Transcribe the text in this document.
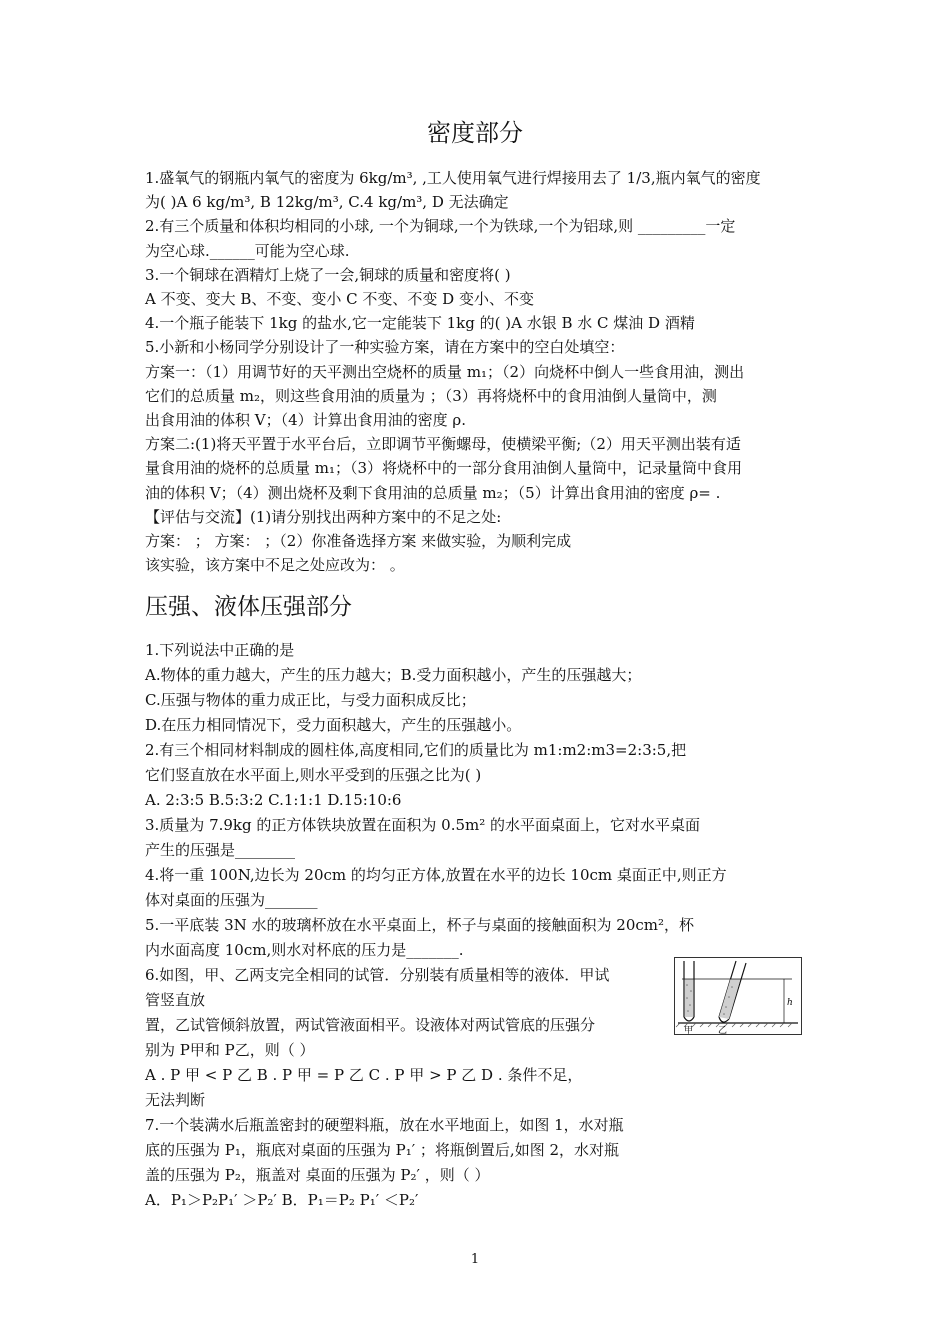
密度部分
1.盛氧气的钢瓶内氧气的密度为 6kg/m³, ,工人使用氧气进行焊接用去了 1/3,瓶内氧气的密度
为( )A 6 kg/m³, B 12kg/m³, C.4 kg/m³, D 无法确定
2.有三个质量和体积均相同的小球, 一个为铜球,一个为铁球,一个为铝球,则 _________一定
为空心球.______可能为空心球.
3.一个铜球在酒精灯上烧了一会,铜球的质量和密度将( )
A 不变、变大 B、不变、变小 C 不变、不变 D 变小、不变
4.一个瓶子能装下 1kg 的盐水,它一定能装下 1kg 的( )A 水银 B 水 C 煤油 D 酒精
5.小新和小杨同学分别设计了一种实验方案，请在方案中的空白处填空：
方案一：（1）用调节好的天平测出空烧杯的质量 m₁；（2）向烧杯中倒人一些食用油，测出
它们的总质量 m₂，则这些食用油的质量为 ；（3）再将烧杯中的食用油倒人量筒中，测
出食用油的体积 V；（4）计算出食用油的密度 ρ.
方案二:(1)将天平置于水平台后，立即调节平衡螺母，使横梁平衡;（2）用天平测出装有适
量食用油的烧杯的总质量 m₁；（3）将烧杯中的一部分食用油倒人量筒中，记录量筒中食用
油的体积 V；（4）测出烧杯及剩下食用油的总质量 m₂；（5）计算出食用油的密度 ρ= .
【评估与交流】(1)请分别找出两种方案中的不足之处:
方案： ； 方案： ；（2）你准备选择方案 来做实验，为顺利完成
该实验，该方案中不足之处应改为： 。
压强、液体压强部分
1.下列说法中正确的是
A.物体的重力越大，产生的压力越大；B.受力面积越小，产生的压强越大；
C.压强与物体的重力成正比，与受力面积成反比；
D.在压力相同情况下，受力面积越大，产生的压强越小。
2.有三个相同材料制成的圆柱体,高度相同,它们的质量比为 m1:m2:m3=2:3:5,把
它们竖直放在水平面上,则水平受到的压强之比为( )
A. 2:3:5 B.5:3:2 C.1:1:1 D.15:10:6
3.质量为 7.9kg 的正方体铁块放置在面积为 0.5m² 的水平面桌面上，它对水平桌面
产生的压强是________
4.将一重 100N,边长为 20cm 的均匀正方体,放置在水平的边长 10cm 桌面正中,则正方
体对桌面的压强为_______
5.一平底装 3N 水的玻璃杯放在水平桌面上，杯子与桌面的接触面积为 20cm²，杯
内水面高度 10cm,则水对杯底的压力是_______.
6.如图，甲、乙两支完全相同的试管．分别装有质量相等的液体．甲试
管竖直放
置，乙试管倾斜放置，两试管液面相平。设液体对两试管底的压强分
别为 P甲和 P乙，则（ ）
A . P 甲 < P 乙 B . P 甲 = P 乙 C . P 甲 > P 乙 D . 条件不足，
无法判断
7.一个装满水后瓶盖密封的硬塑料瓶，放在水平地面上，如图 1，水对瓶
底的压强为 P₁，瓶底对桌面的压强为 P₁′ ；将瓶倒置后,如图 2，水对瓶
盖的压强为 P₂，瓶盖对 桌面的压强为 P₂′ ，则（ ）
A．P₁＞P₂P₁′ ＞P₂′ B．P₁＝P₂ P₁′ ＜P₂′
h
甲	乙
1
